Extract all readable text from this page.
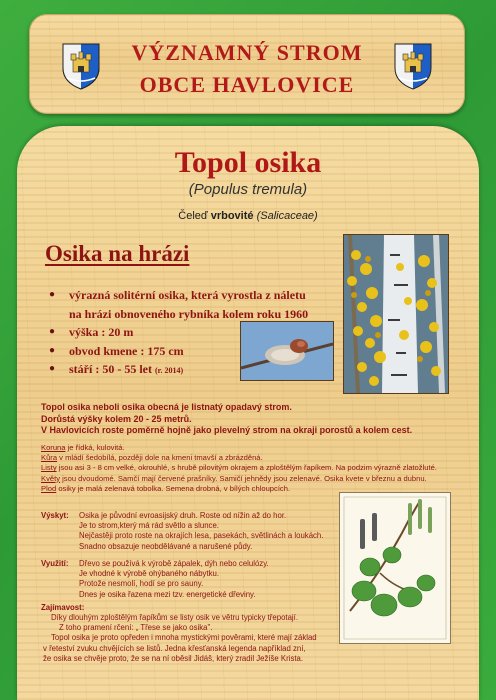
VÝZNAMNÝ STROM
OBCE HAVLOVICE
Topol osika
(Populus tremula)
Čeleď vrbovité (Salicaceae)
Osika na hrázi
● výrazná solitérní osika, která vyrostla z náletu
na hrázi obnoveného rybníka kolem roku 1960
● výška : 20 m
● obvod kmene : 175 cm
● stáří : 50 - 55 let (r. 2014)
Topol osika neboli osika obecná je listnatý opadavý strom.
Dorůstá výšky kolem 20 - 25 metrů.
V Havlovicích roste poměrně hojně jako plevelný strom na okraji porostů a kolem cest.
Koruna je řídká, kulovitá.
Kůra v mládí šedobílá, později dole na kmeni tmavší a zbrázděná.
Listy jsou asi 3 - 8 cm velké, okrouhlé, s hrubě pilovitým okrajem a zploštělým řapíkem. Na podzim výrazně zlatožluté.
Květy jsou dvoudomé. Samčí mají červené prašníky. Samičí jehnědy jsou zelenavé. Osika kvete v březnu a dubnu.
Plod osiky je malá zelenavá tobolka. Semena drobná, v bílých chloupcích.
Výskyt: Osika je původní evroasijský druh. Roste od nížin až do hor.
Je to strom,který má rád světlo a slunce.
Nejčastěji proto roste na okrajích lesa, pasekách, světlinách a loukách.
Snadno obsazuje neobdělávané a narušené půdy.
Využití: Dřevo se používá k výrobě zápalek, dýh nebo celulózy.
Je vhodné k výrobě ohýbaného nábytku.
Protože nesmolí, hodí se pro sauny.
Dnes je osika řazena mezi tzv. energetické dřeviny.
Zajímavost:
Díky dlouhým zploštělým řapíkům se listy osik ve větru typicky třepotají.
Z toho pramení rčení: „ Třese se jako osika".
Topol osika je proto opředen i mnoha mystickými pověrami, které mají základ
v řeteství zvuku chvějících se listů. Jedna křesťanská legenda například zní,
že osika se chvěje proto, že se na ní oběsil Jidáš, který zradil Ježíše Krista.
